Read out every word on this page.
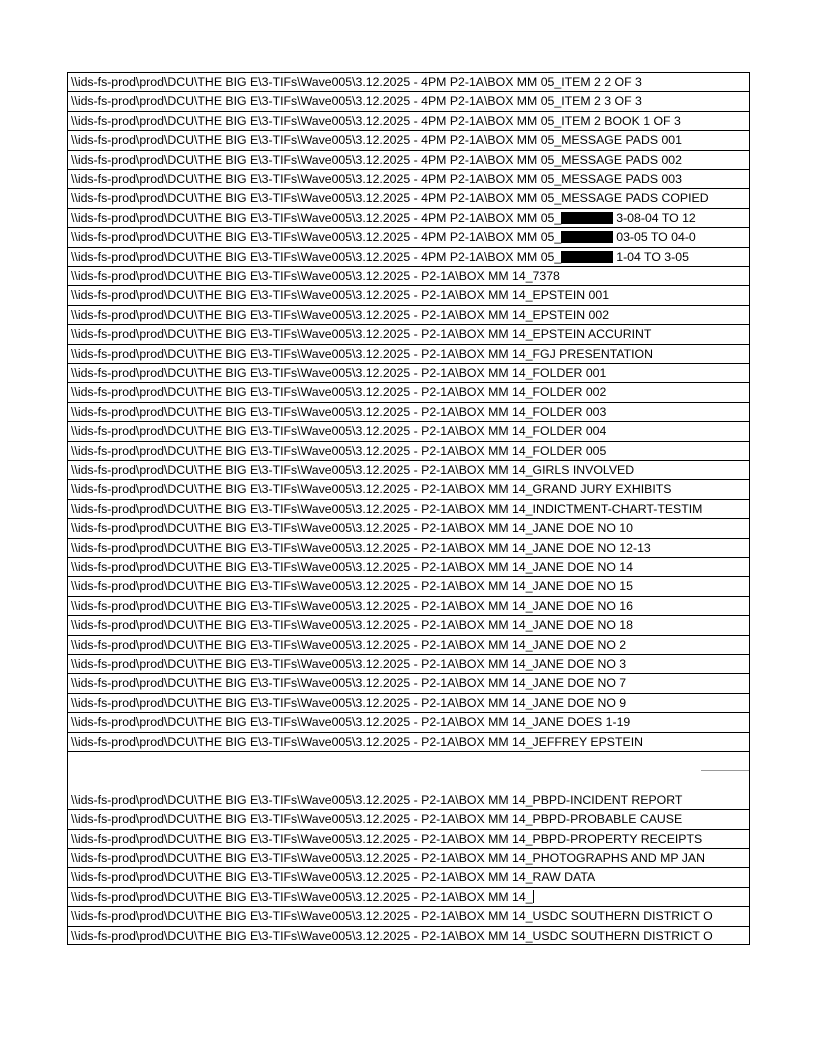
\\ids-fs-prod\prod\DCU\THE BIG E\3-TIFs\Wave005\3.12.2025 - 4PM P2-1A\BOX MM 05_ITEM 2 2 OF 3
\\ids-fs-prod\prod\DCU\THE BIG E\3-TIFs\Wave005\3.12.2025 - 4PM P2-1A\BOX MM 05_ITEM 2 3 OF 3
\\ids-fs-prod\prod\DCU\THE BIG E\3-TIFs\Wave005\3.12.2025 - 4PM P2-1A\BOX MM 05_ITEM 2 BOOK 1 OF 3
\\ids-fs-prod\prod\DCU\THE BIG E\3-TIFs\Wave005\3.12.2025 - 4PM P2-1A\BOX MM 05_MESSAGE PADS 001
\\ids-fs-prod\prod\DCU\THE BIG E\3-TIFs\Wave005\3.12.2025 - 4PM P2-1A\BOX MM 05_MESSAGE PADS 002
\\ids-fs-prod\prod\DCU\THE BIG E\3-TIFs\Wave005\3.12.2025 - 4PM P2-1A\BOX MM 05_MESSAGE PADS 003
\\ids-fs-prod\prod\DCU\THE BIG E\3-TIFs\Wave005\3.12.2025 - 4PM P2-1A\BOX MM 05_MESSAGE PADS COPIED
\\ids-fs-prod\prod\DCU\THE BIG E\3-TIFs\Wave005\3.12.2025 - 4PM P2-1A\BOX MM 05_	3-08-04 TO 12
\\ids-fs-prod\prod\DCU\THE BIG E\3-TIFs\Wave005\3.12.2025 - 4PM P2-1A\BOX MM 05_	03-05 TO 04-0
\\ids-fs-prod\prod\DCU\THE BIG E\3-TIFs\Wave005\3.12.2025 - 4PM P2-1A\BOX MM 05_	1-04 TO 3-05
\\ids-fs-prod\prod\DCU\THE BIG E\3-TIFs\Wave005\3.12.2025 - P2-1A\BOX MM 14_7378
\\ids-fs-prod\prod\DCU\THE BIG E\3-TIFs\Wave005\3.12.2025 - P2-1A\BOX MM 14_EPSTEIN 001
\\ids-fs-prod\prod\DCU\THE BIG E\3-TIFs\Wave005\3.12.2025 - P2-1A\BOX MM 14_EPSTEIN 002
\\ids-fs-prod\prod\DCU\THE BIG E\3-TIFs\Wave005\3.12.2025 - P2-1A\BOX MM 14_EPSTEIN ACCURINT
\\ids-fs-prod\prod\DCU\THE BIG E\3-TIFs\Wave005\3.12.2025 - P2-1A\BOX MM 14_FGJ PRESENTATION
\\ids-fs-prod\prod\DCU\THE BIG E\3-TIFs\Wave005\3.12.2025 - P2-1A\BOX MM 14_FOLDER 001
\\ids-fs-prod\prod\DCU\THE BIG E\3-TIFs\Wave005\3.12.2025 - P2-1A\BOX MM 14_FOLDER 002
\\ids-fs-prod\prod\DCU\THE BIG E\3-TIFs\Wave005\3.12.2025 - P2-1A\BOX MM 14_FOLDER 003
\\ids-fs-prod\prod\DCU\THE BIG E\3-TIFs\Wave005\3.12.2025 - P2-1A\BOX MM 14_FOLDER 004
\\ids-fs-prod\prod\DCU\THE BIG E\3-TIFs\Wave005\3.12.2025 - P2-1A\BOX MM 14_FOLDER 005
\\ids-fs-prod\prod\DCU\THE BIG E\3-TIFs\Wave005\3.12.2025 - P2-1A\BOX MM 14_GIRLS INVOLVED
\\ids-fs-prod\prod\DCU\THE BIG E\3-TIFs\Wave005\3.12.2025 - P2-1A\BOX MM 14_GRAND JURY EXHIBITS
\\ids-fs-prod\prod\DCU\THE BIG E\3-TIFs\Wave005\3.12.2025 - P2-1A\BOX MM 14_INDICTMENT-CHART-TESTIM
\\ids-fs-prod\prod\DCU\THE BIG E\3-TIFs\Wave005\3.12.2025 - P2-1A\BOX MM 14_JANE DOE NO 10
\\ids-fs-prod\prod\DCU\THE BIG E\3-TIFs\Wave005\3.12.2025 - P2-1A\BOX MM 14_JANE DOE NO 12-13
\\ids-fs-prod\prod\DCU\THE BIG E\3-TIFs\Wave005\3.12.2025 - P2-1A\BOX MM 14_JANE DOE NO 14
\\ids-fs-prod\prod\DCU\THE BIG E\3-TIFs\Wave005\3.12.2025 - P2-1A\BOX MM 14_JANE DOE NO 15
\\ids-fs-prod\prod\DCU\THE BIG E\3-TIFs\Wave005\3.12.2025 - P2-1A\BOX MM 14_JANE DOE NO 16
\\ids-fs-prod\prod\DCU\THE BIG E\3-TIFs\Wave005\3.12.2025 - P2-1A\BOX MM 14_JANE DOE NO 18
\\ids-fs-prod\prod\DCU\THE BIG E\3-TIFs\Wave005\3.12.2025 - P2-1A\BOX MM 14_JANE DOE NO 2
\\ids-fs-prod\prod\DCU\THE BIG E\3-TIFs\Wave005\3.12.2025 - P2-1A\BOX MM 14_JANE DOE NO 3
\\ids-fs-prod\prod\DCU\THE BIG E\3-TIFs\Wave005\3.12.2025 - P2-1A\BOX MM 14_JANE DOE NO 7
\\ids-fs-prod\prod\DCU\THE BIG E\3-TIFs\Wave005\3.12.2025 - P2-1A\BOX MM 14_JANE DOE NO 9
\\ids-fs-prod\prod\DCU\THE BIG E\3-TIFs\Wave005\3.12.2025 - P2-1A\BOX MM 14_JANE DOES 1-19
\\ids-fs-prod\prod\DCU\THE BIG E\3-TIFs\Wave005\3.12.2025 - P2-1A\BOX MM 14_JEFFREY EPSTEIN
\\ids-fs-prod\prod\DCU\THE BIG E\3-TIFs\Wave005\3.12.2025 - P2-1A\BOX MM 14_PBPD-INCIDENT REPORT
\\ids-fs-prod\prod\DCU\THE BIG E\3-TIFs\Wave005\3.12.2025 - P2-1A\BOX MM 14_PBPD-PROBABLE CAUSE
\\ids-fs-prod\prod\DCU\THE BIG E\3-TIFs\Wave005\3.12.2025 - P2-1A\BOX MM 14_PBPD-PROPERTY RECEIPTS
\\ids-fs-prod\prod\DCU\THE BIG E\3-TIFs\Wave005\3.12.2025 - P2-1A\BOX MM 14_PHOTOGRAPHS AND MP JAN
\\ids-fs-prod\prod\DCU\THE BIG E\3-TIFs\Wave005\3.12.2025 - P2-1A\BOX MM 14_RAW DATA
\\ids-fs-prod\prod\DCU\THE BIG E\3-TIFs\Wave005\3.12.2025 - P2-1A\BOX MM 14_
\\ids-fs-prod\prod\DCU\THE BIG E\3-TIFs\Wave005\3.12.2025 - P2-1A\BOX MM 14_USDC SOUTHERN DISTRICT O
\\ids-fs-prod\prod\DCU\THE BIG E\3-TIFs\Wave005\3.12.2025 - P2-1A\BOX MM 14_USDC SOUTHERN DISTRICT O
